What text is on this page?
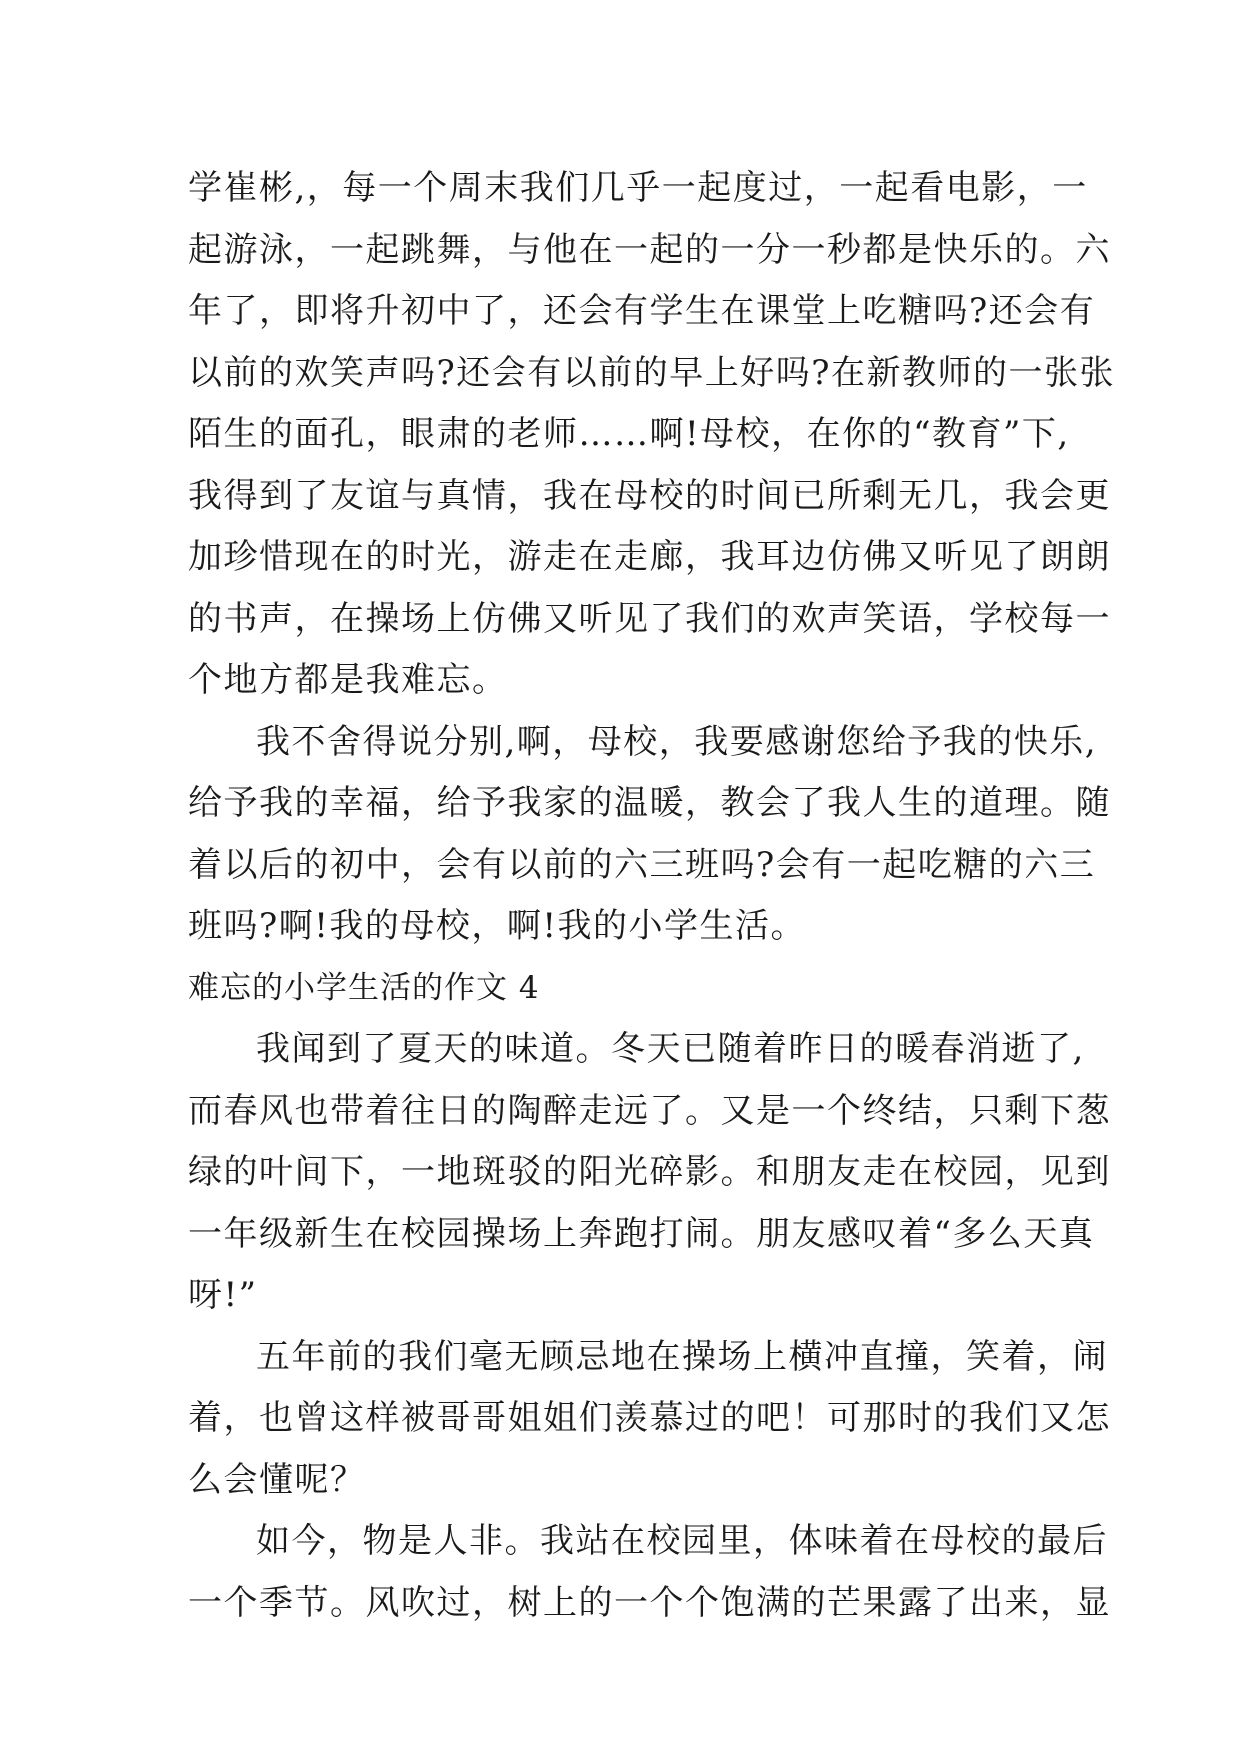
学崔彬,，每一个周末我们几乎一起度过，一起看电影，一
起游泳，一起跳舞，与他在一起的一分一秒都是快乐的。六
年了，即将升初中了，还会有学生在课堂上吃糖吗?还会有
以前的欢笑声吗?还会有以前的早上好吗?在新教师的一张张
陌生的面孔，眼肃的老师……啊!母校，在你的“教育”下,
我得到了友谊与真情，我在母校的时间已所剩无几，我会更
加珍惜现在的时光，游走在走廊，我耳边仿佛又听见了朗朗
的书声，在操场上仿佛又听见了我们的欢声笑语，学校每一
个地方都是我难忘。
我不舍得说分别,啊，母校，我要感谢您给予我的快乐,
给予我的幸福，给予我家的温暖，教会了我人生的道理。随
着以后的初中，会有以前的六三班吗?会有一起吃糖的六三
班吗?啊!我的母校，啊!我的小学生活。
难忘的小学生活的作文 4
我闻到了夏天的味道。冬天已随着昨日的暖春消逝了,
而春风也带着往日的陶醉走远了。又是一个终结，只剩下葱
绿的叶间下，一地斑驳的阳光碎影。和朋友走在校园，见到
一年级新生在校园操场上奔跑打闹。朋友感叹着“多么天真
呀!”
五年前的我们毫无顾忌地在操场上横冲直撞，笑着，闹
着，也曾这样被哥哥姐姐们羡慕过的吧！可那时的我们又怎
么会懂呢？
如今，物是人非。我站在校园里，体味着在母校的最后
一个季节。风吹过，树上的一个个饱满的芒果露了出来，显
